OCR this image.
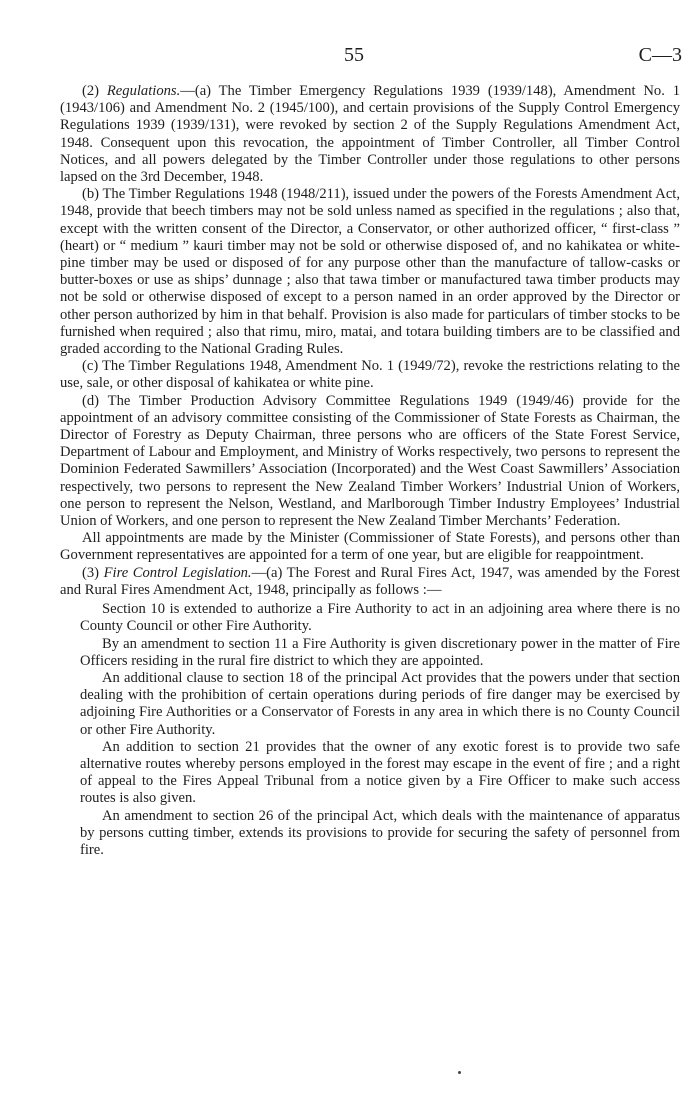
55	C—3

(2) Regulations.—(a) The Timber Emergency Regulations 1939 (1939/148), Amendment No. 1 (1943/106) and Amendment No. 2 (1945/100), and certain provisions of the Supply Control Emergency Regulations 1939 (1939/131), were revoked by section 2 of the Supply Regulations Amendment Act, 1948. Consequent upon this revocation, the appointment of Timber Controller, all Timber Control Notices, and all powers delegated by the Timber Controller under those regulations to other persons lapsed on the 3rd December, 1948.

(b) The Timber Regulations 1948 (1948/211), issued under the powers of the Forests Amendment Act, 1948, provide that beech timbers may not be sold unless named as specified in the regulations ; also that, except with the written consent of the Director, a Conservator, or other authorized officer, “ first-class ” (heart) or “ medium ” kauri timber may not be sold or otherwise disposed of, and no kahikatea or white-pine timber may be used or disposed of for any purpose other than the manufacture of tallow-casks or butter-boxes or use as ships’ dunnage ; also that tawa timber or manufactured tawa timber products may not be sold or otherwise disposed of except to a person named in an order approved by the Director or other person authorized by him in that behalf. Provision is also made for particulars of timber stocks to be furnished when required ; also that rimu, miro, matai, and totara building timbers are to be classified and graded according to the National Grading Rules.

(c) The Timber Regulations 1948, Amendment No. 1 (1949/72), revoke the restrictions relating to the use, sale, or other disposal of kahikatea or white pine.

(d) The Timber Production Advisory Committee Regulations 1949 (1949/46) provide for the appointment of an advisory committee consisting of the Commissioner of State Forests as Chairman, the Director of Forestry as Deputy Chairman, three persons who are officers of the State Forest Service, Department of Labour and Employment, and Ministry of Works respectively, two persons to represent the Dominion Federated Sawmillers’ Association (Incorporated) and the West Coast Sawmillers’ Association respectively, two persons to represent the New Zealand Timber Workers’ Industrial Union of Workers, one person to represent the Nelson, Westland, and Marlborough Timber Industry Employees’ Industrial Union of Workers, and one person to represent the New Zealand Timber Merchants’ Federation.

All appointments are made by the Minister (Commissioner of State Forests), and persons other than Government representatives are appointed for a term of one year, but are eligible for reappointment.

(3) Fire Control Legislation.—(a) The Forest and Rural Fires Act, 1947, was amended by the Forest and Rural Fires Amendment Act, 1948, principally as follows :—

Section 10 is extended to authorize a Fire Authority to act in an adjoining area where there is no County Council or other Fire Authority.

By an amendment to section 11 a Fire Authority is given discretionary power in the matter of Fire Officers residing in the rural fire district to which they are appointed.

An additional clause to section 18 of the principal Act provides that the powers under that section dealing with the prohibition of certain operations during periods of fire danger may be exercised by adjoining Fire Authorities or a Conservator of Forests in any area in which there is no County Council or other Fire Authority.

An addition to section 21 provides that the owner of any exotic forest is to provide two safe alternative routes whereby persons employed in the forest may escape in the event of fire ; and a right of appeal to the Fires Appeal Tribunal from a notice given by a Fire Officer to make such access routes is also given.

An amendment to section 26 of the principal Act, which deals with the maintenance of apparatus by persons cutting timber, extends its provisions to provide for securing the safety of personnel from fire.
